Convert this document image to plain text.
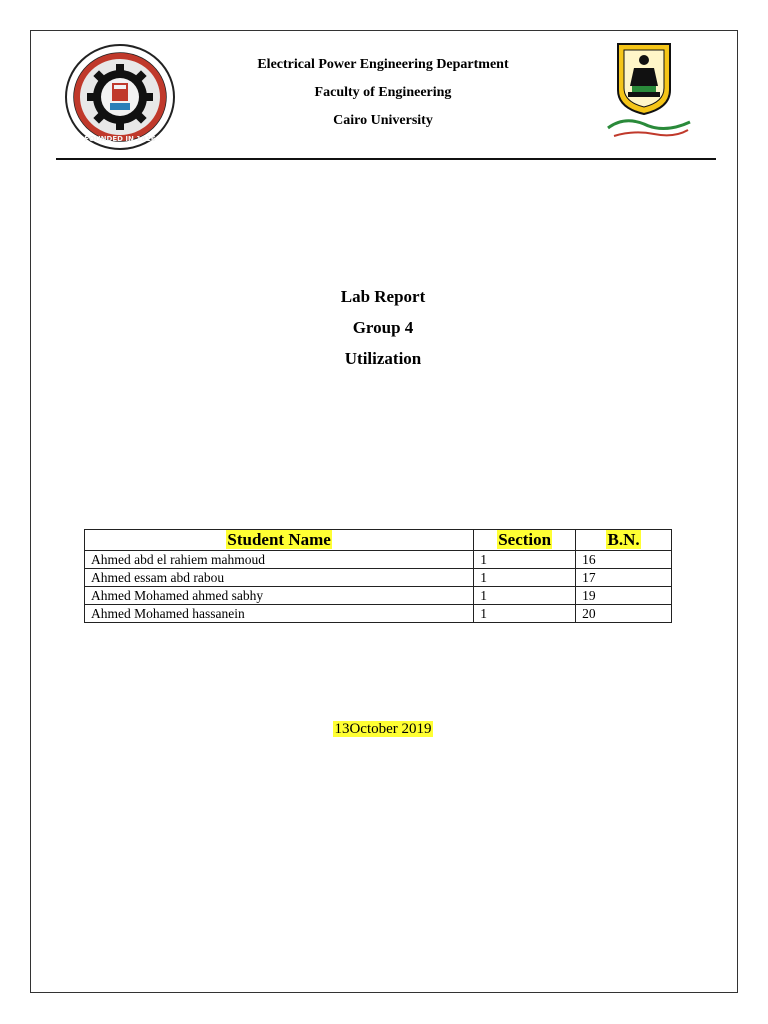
FOUNDED IN 1816
Electrical Power Engineering Department
Faculty of Engineering
Cairo University
Lab Report
Group 4
Utilization
Student Name	Section	B.N.
Ahmed abd el rahiem mahmoud	1	16
Ahmed essam abd rabou	1	17
Ahmed Mohamed ahmed sabhy	1	19
Ahmed Mohamed hassanein	1	20
13October 2019
